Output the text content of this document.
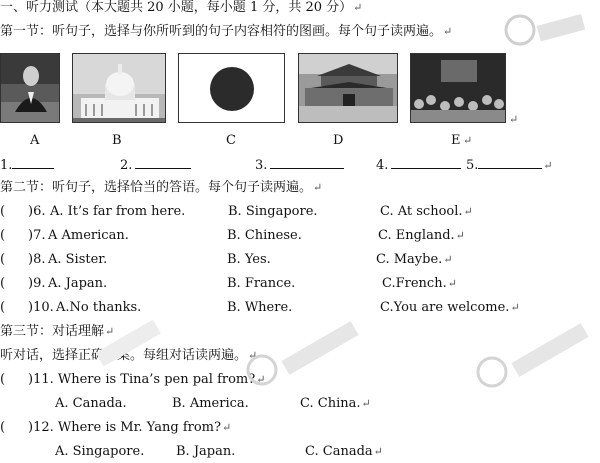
一、听力测试（本大题共 20 小题，每小题 1 分，共 20 分）↵
第一节：听句子，选择与你所听到的句子内容相符的图画。每个句子读两遍。↵
↵
A	B	C	D	E ↵
1.	2.	3.	4.	5.	↵
第二节：听句子，选择恰当的答语。每个句子读两遍。↵
( )6. A. It’s far from here.	B. Singapore.	C. At school.↵
( )7. A American.	B. Chinese.	C. England.↵
( )8. A. Sister.	B. Yes.	C. Maybe.↵
( )9. A. Japan.	B. France.	C.French.↵
( )10. A.No thanks.	B. Where.	C.You are welcome.↵
第三节：对话理解↵
听对话，选择正确答案。每组对话读两遍。↵
( )11. Where is Tina’s pen pal from?↵
A. Canada.	B. America.	C. China.↵
( )12. Where is Mr. Yang from?↵
A. Singapore. B. Japan.	C. Canada↵
